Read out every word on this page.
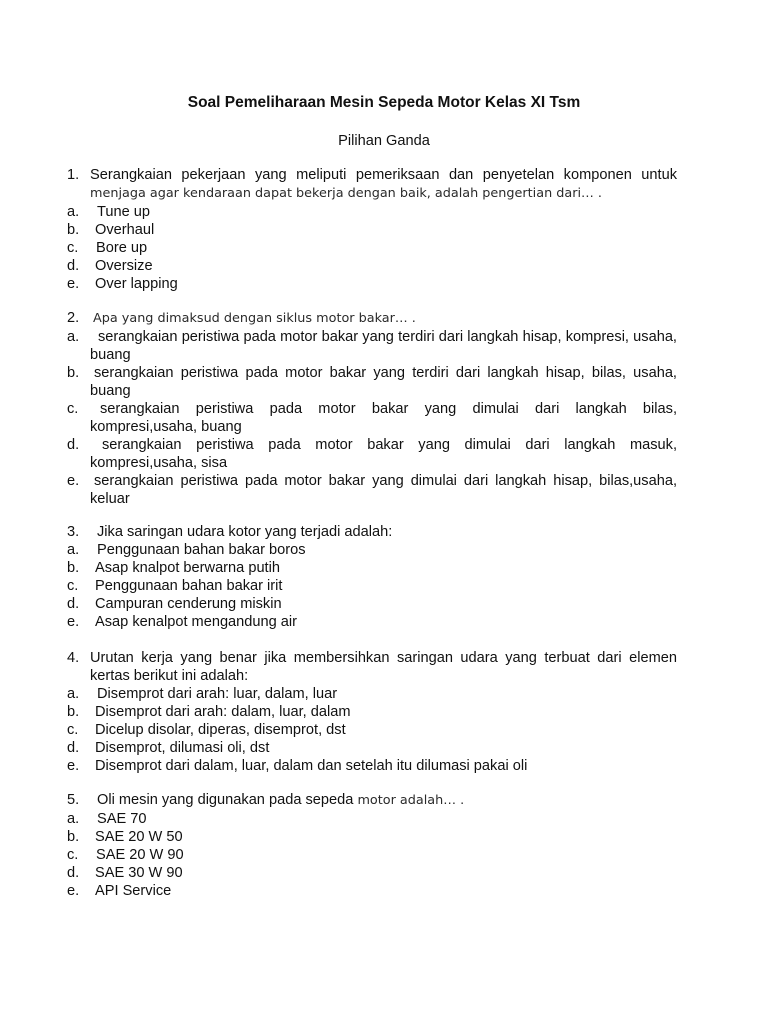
Soal Pemeliharaan Mesin Sepeda Motor Kelas XI Tsm
Pilihan Ganda
1. Serangkaian pekerjaan yang meliputi pemeriksaan dan penyetelan komponen untuk menjaga agar kendaraan dapat bekerja dengan baik, adalah pengertian dari… .
a.	Tune up
b.	Overhaul
c.	Bore up
d.	Oversize
e.	Over lapping
2. Apa yang dimaksud dengan siklus motor bakar… .
a.	serangkaian peristiwa pada motor bakar yang terdiri dari langkah hisap, kompresi, usaha, buang
b. serangkaian peristiwa pada motor bakar yang terdiri dari langkah hisap, bilas, usaha, buang
c.	serangkaian peristiwa pada motor bakar yang dimulai dari langkah bilas, kompresi,usaha, buang
d.	serangkaian peristiwa pada motor bakar yang dimulai dari langkah masuk, kompresi,usaha, sisa
e. serangkaian peristiwa pada motor bakar yang dimulai dari langkah hisap, bilas,usaha, keluar
3.	Jika saringan udara kotor yang terjadi adalah:
a.	Penggunaan bahan bakar boros
b.	Asap knalpot berwarna putih
c.	Penggunaan bahan bakar irit
d.	Campuran cenderung miskin
e.	Asap kenalpot mengandung air
4. Urutan kerja yang benar jika membersihkan saringan udara yang terbuat dari elemen kertas berikut ini adalah:
a.	Disemprot dari arah: luar, dalam, luar
b.	Disemprot dari arah: dalam, luar, dalam
c.	Dicelup disolar, diperas, disemprot, dst
d.	Disemprot, dilumasi oli, dst
e.	Disemprot dari dalam, luar, dalam dan setelah itu dilumasi pakai oli
5.	Oli mesin yang digunakan pada sepeda motor adalah… .
a.	SAE 70
b.	SAE 20 W 50
c.	SAE 20 W 90
d.	SAE 30 W 90
e.	API Service
